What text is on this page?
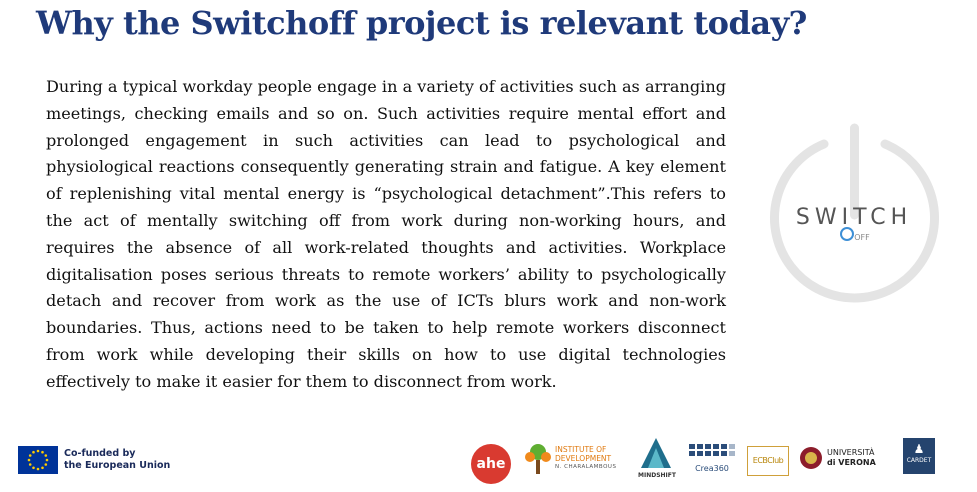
Why the Switchoff project is relevant today?
During a typical workday people engage in a variety of activities such as arranging meetings, checking emails and so on. Such activities require mental effort and prolonged engagement in such activities can lead to psychological and physiological reactions consequently generating strain and fatigue. A key element of replenishing vital mental energy is “psychological detachment”.This refers to the act of mentally switching off from work during non-working hours, and requires the absence of all work-related thoughts and activities. Workplace digitalisation poses serious threats to remote workers’ ability to psychologically detach and recover from work as the use of ICTs blurs work and non-work boundaries. Thus, actions need to be taken to help remote workers disconnect from work while developing their skills on how to use digital technologies effectively to make it easier for them to disconnect from work.
SWITCH
OFF
Co-funded by
the European Union	ahe
INSTITUTE OF
DEVELOPMENT
N. CHARALAMBOUS
MINDSHIFT
Crea360
ECBClub
UNIVERSITÀ
di VERONA
♟
CARDET
